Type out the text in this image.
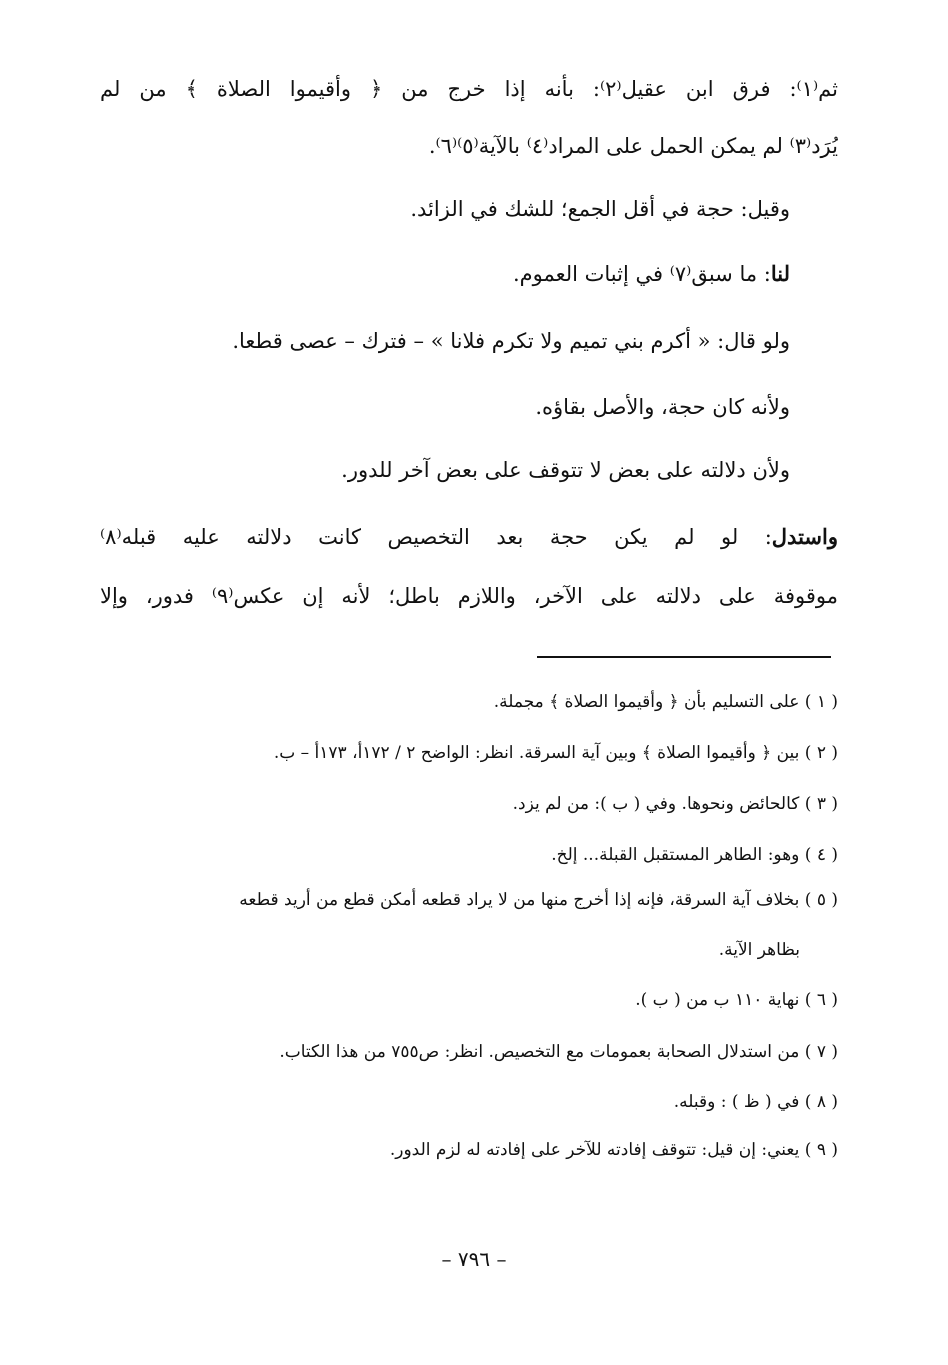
ثم⁽١⁾: فرق ابن عقيل⁽٢⁾: بأنه إذا خرج من ﴿ وأقيموا الصلاة ﴾ من لم
يُرَد⁽٣⁾ لم يمكن الحمل على المراد⁽٤⁾ بالآية⁽٥⁾⁽٦⁾.
وقيل: حجة في أقل الجمع؛ للشك في الزائد.
لنا: ما سبق⁽٧⁾ في إثبات العموم.
ولو قال: « أكرم بني تميم ولا تكرم فلانا » – فترك – عصى قطعا.
ولأنه كان حجة، والأصل بقاؤه.
ولأن دلالته على بعض لا تتوقف على بعض آخر للدور.
واستدل: لو لم يكن حجة بعد التخصيص كانت دلالته عليه قبله⁽٨⁾
موقوفة على دلالته على الآخر، واللازم باطل؛ لأنه إن عكس⁽٩⁾ فدور، وإلا
( ١ ) على التسليم بأن ﴿ وأقيموا الصلاة ﴾ مجملة.
( ٢ ) بين ﴿ وأقيموا الصلاة ﴾ وبين آية السرقة. انظر: الواضح ٢ / ١٧٢أ، ١٧٣أ – ب.
( ٣ ) كالحائض ونحوها. وفي ( ب ): من لم يزد.
( ٤ ) وهو: الطاهر المستقبل القبلة... إلخ.
( ٥ ) بخلاف آية السرقة، فإنه إذا أخرج منها من لا يراد قطعه أمكن قطع من أريد قطعه
بظاهر الآية.
( ٦ ) نهاية ١١٠ ب من ( ب ).
( ٧ ) من استدلال الصحابة بعمومات مع التخصيص. انظر: ص٧٥٥ من هذا الكتاب.
( ٨ ) في ( ظ ) : وقبله.
( ٩ ) يعني: إن قيل: تتوقف إفادته للآخر على إفادته له لزم الدور.
– ٧٩٦ –
